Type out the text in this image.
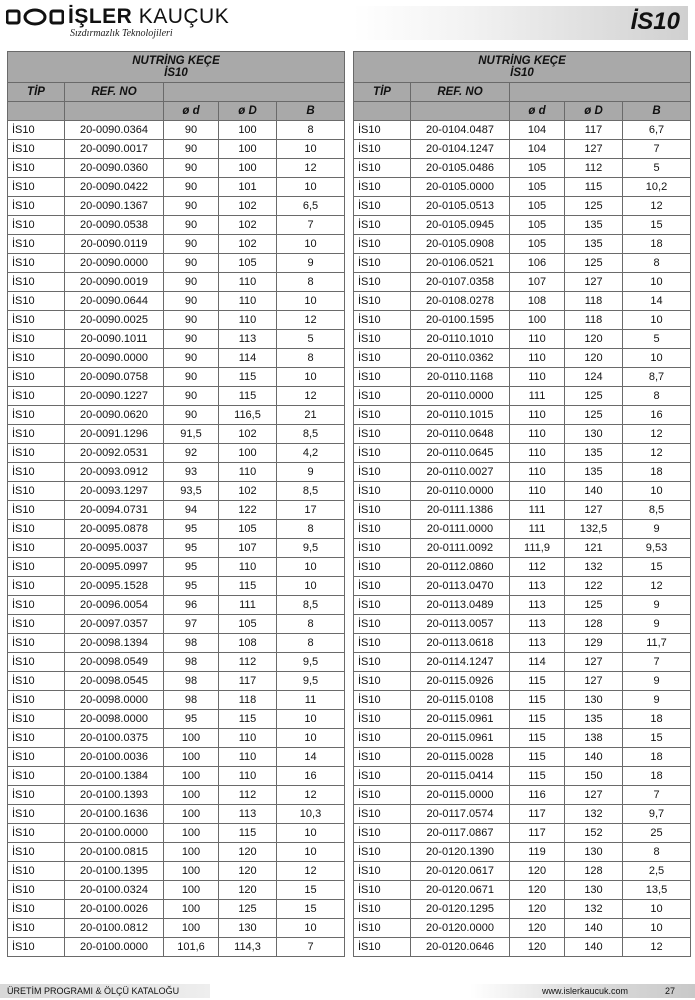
İŞLER KAUÇUK
Sızdırmazlık Teknolojileri	İS10
NUTRİNG KEÇE
İS10				

TİP	REF. NO			
		ø d	ø D	B
İS10	20-0090.0364	90	100	8
İS10	20-0090.0017	90	100	10
İS10	20-0090.0360	90	100	12
İS10	20-0090.0422	90	101	10
İS10	20-0090.1367	90	102	6,5
İS10	20-0090.0538	90	102	7
İS10	20-0090.0119	90	102	10
İS10	20-0090.0000	90	105	9
İS10	20-0090.0019	90	110	8
İS10	20-0090.0644	90	110	10
İS10	20-0090.0025	90	110	12
İS10	20-0090.1011	90	113	5
İS10	20-0090.0000	90	114	8
İS10	20-0090.0758	90	115	10
İS10	20-0090.1227	90	115	12
İS10	20-0090.0620	90	116,5	21
İS10	20-0091.1296	91,5	102	8,5
İS10	20-0092.0531	92	100	4,2
İS10	20-0093.0912	93	110	9
İS10	20-0093.1297	93,5	102	8,5
İS10	20-0094.0731	94	122	17
İS10	20-0095.0878	95	105	8
İS10	20-0095.0037	95	107	9,5
İS10	20-0095.0997	95	110	10
İS10	20-0095.1528	95	115	10
İS10	20-0096.0054	96	111	8,5
İS10	20-0097.0357	97	105	8
İS10	20-0098.1394	98	108	8
İS10	20-0098.0549	98	112	9,5
İS10	20-0098.0545	98	117	9,5
İS10	20-0098.0000	98	118	11
İS10	20-0098.0000	95	115	10
İS10	20-0100.0375	100	110	10
İS10	20-0100.0036	100	110	14
İS10	20-0100.1384	100	110	16
İS10	20-0100.1393	100	112	12
İS10	20-0100.1636	100	113	10,3
İS10	20-0100.0000	100	115	10
İS10	20-0100.0815	100	120	10
İS10	20-0100.1395	100	120	12
İS10	20-0100.0324	100	120	15
İS10	20-0100.0026	100	125	15
İS10	20-0100.0812	100	130	10
İS10	20-0100.0000	101,6	114,3	7
NUTRİNG KEÇE
İS10				

TİP	REF. NO			
		ø d	ø D	B
İS10	20-0104.0487	104	117	6,7
İS10	20-0104.1247	104	127	7
İS10	20-0105.0486	105	112	5
İS10	20-0105.0000	105	115	10,2
İS10	20-0105.0513	105	125	12
İS10	20-0105.0945	105	135	15
İS10	20-0105.0908	105	135	18
İS10	20-0106.0521	106	125	8
İS10	20-0107.0358	107	127	10
İS10	20-0108.0278	108	118	14
İS10	20-0100.1595	100	118	10
İS10	20-0110.1010	110	120	5
İS10	20-0110.0362	110	120	10
İS10	20-0110.1168	110	124	8,7
İS10	20-0110.0000	111	125	8
İS10	20-0110.1015	110	125	16
İS10	20-0110.0648	110	130	12
İS10	20-0110.0645	110	135	12
İS10	20-0110.0027	110	135	18
İS10	20-0110.0000	110	140	10
İS10	20-0111.1386	111	127	8,5
İS10	20-0111.0000	111	132,5	9
İS10	20-0111.0092	111,9	121	9,53
İS10	20-0112.0860	112	132	15
İS10	20-0113.0470	113	122	12
İS10	20-0113.0489	113	125	9
İS10	20-0113.0057	113	128	9
İS10	20-0113.0618	113	129	11,7
İS10	20-0114.1247	114	127	7
İS10	20-0115.0926	115	127	9
İS10	20-0115.0108	115	130	9
İS10	20-0115.0961	115	135	18
İS10	20-0115.0961	115	138	15
İS10	20-0115.0028	115	140	18
İS10	20-0115.0414	115	150	18
İS10	20-0115.0000	116	127	7
İS10	20-0117.0574	117	132	9,7
İS10	20-0117.0867	117	152	25
İS10	20-0120.1390	119	130	8
İS10	20-0120.0617	120	128	2,5
İS10	20-0120.0671	120	130	13,5
İS10	20-0120.1295	120	132	10
İS10	20-0120.0000	120	140	10
İS10	20-0120.0646	120	140	12
ÜRETİM PROGRAMI & ÖLÇÜ KATALOĞU	www.islerkaucuk.com	27
